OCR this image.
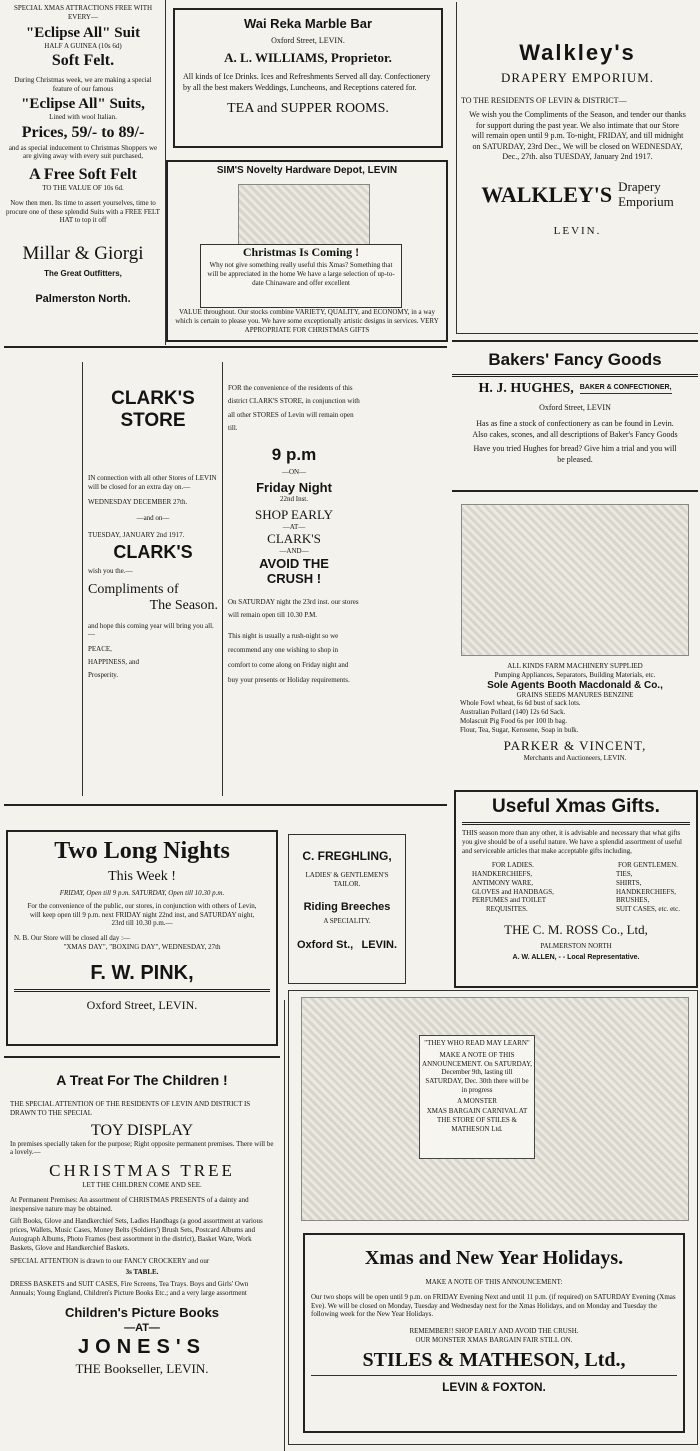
SPECIAL XMAS ATTRACTIONS FREE WITH EVERY—
"Eclipse All" Suit
HALF A GUINEA (10s 6d)
Soft Felt.
During Christmas week, we are making a special feature of our famous
"Eclipse All" Suits,
Lined with wool Italian.
Prices, 59/- to 89/-
and as special inducement to Christmas Shoppers we are giving away with every suit purchased,
A Free Soft Felt
TO THE VALUE OF 10s 6d.
Now then men. Its time to assert yourselves, time to procure one of these splendid Suits with a FREE FELT HAT to top it off
Millar & Giorgi
The Great Outfitters,
Palmerston North.
Wai Reka Marble Bar
Oxford Street, LEVIN.
A. L. WILLIAMS, Proprietor.
All kinds of Ice Drinks. Ices and Refreshments Served all day. Confectionery by all the best makers Weddings, Luncheons, and Receptions catered for.
TEA and SUPPER ROOMS.
SIM'S Novelty Hardware Depot, LEVIN
Christmas Is Coming !
Why not give something really useful this Xmas? Something that will be appreciated in the home We have a large selection of up-to-date Chinaware and offer excellent
VALUE throughout. Our stocks combine VARIETY, QUALITY, and ECONOMY, in a way which is certain to please you. We have some exceptionally artistic designs in services. VERY APPROPRIATE FOR CHRISTMAS GIFTS
Walkley's
DRAPERY EMPORIUM.
TO THE RESIDENTS OF LEVIN & DISTRICT—
We wish you the Compliments of the Season, and tender our thanks for support during the past year. We also intimate that our Store will remain open until 9 p.m. To-night, FRIDAY, and till midnight on SATURDAY, 23rd Dec., We will be closed on WEDNESDAY, Dec., 27th. also TUESDAY, January 2nd 1917.
WALKLEY'S Drapery
Emporium
LEVIN.
CLARK'S
STORE
IN connection with all other Stores of LEVIN will be closed for an extra day on.—
WEDNESDAY DECEMBER 27th.
—and on—
TUESDAY, JANUARY 2nd 1917.
CLARK'S
wish you the.—
Compliments of
The Season.
and hope this coming year will bring you all.—
PEACE,
HAPPINESS, and
Prosperity.
FOR the convenience of the residents of this district CLARK'S STORE, in conjunction with all other STORES of Levin will remain open till.
9 p.m
—ON—
Friday Night
22nd Inst.
SHOP EARLY
—AT—
CLARK'S
—AND—
AVOID THE
CRUSH !
On SATURDAY night the 23rd inst. our stores will remain open till 10.30 P.M.
This night is usually a rush-night so we recommend any one wishing to shop in comfort to come along on Friday night and buy your presents or Holiday requirements.
Bakers' Fancy Goods
H. J. HUGHES, BAKER & CONFECTIONER,
Oxford Street, LEVIN
Has as fine a stock of confectionery as can be found in Levin. Also cakes, scones, and all descriptions of Baker's Fancy Goods
Have you tried Hughes for bread? Give him a trial and you will be pleased.
ALL KINDS FARM MACHINERY SUPPLIED
Pumping Appliances, Separators, Building Materials, etc.
Sole Agents Booth Macdonald & Co.,
GRAINS SEEDS MANURES BENZINE
Whole Fowl wheat, 6s 6d bust of sack lots.
Australian Pollard (140) 12s 6d Sack.
Molascuit Pig Food 6s per 100 lb bag.
Flour, Tea, Sugar, Kerosene, Soap in bulk.
PARKER & VINCENT,
Merchants and Auctioneers, LEVIN.
Useful Xmas Gifts.
THIS season more than any other, it is advisable and necessary that what gifts you give should be of a useful nature. We have a splendid assortment of useful and serviceable articles that make acceptable gifts including,
FOR LADIES.
HANDKERCHIEFS,
ANTIMONY WARE,
GLOVES and HANDBAGS,
PERFUMES and TOILET
REQUISITES.
FOR GENTLEMEN.
TIES,
SHIRTS,
HANDKERCHIEFS,
BRUSHES,
SUIT CASES, etc. etc.
THE C. M. ROSS Co., Ltd,
PALMERSTON NORTH
A. W. ALLEN, - - Local Representative.
Two Long Nights
This Week !
FRIDAY, Open till 9 p.m. SATURDAY, Open till 10.30 p.m.
For the convenience of the public, our stores, in conjunction with others of Levin, will keep open till 9 p.m. next FRIDAY night 22nd inst, and SATURDAY night, 23rd till 10.30 p.m.—
N. B. Our Store will be closed all day :—
"XMAS DAY", "BOXING DAY", WEDNESDAY, 27th
F. W. PINK,
Oxford Street, LEVIN.
C. FREGHLING,
LADIES' & GENTLEMEN'S
TAILOR.
Riding Breeches
A SPECIALITY.
Oxford St., LEVIN.
A Treat For The Children !
THE SPECIAL ATTENTION OF THE RESIDENTS OF LEVIN AND DISTRICT IS DRAWN TO THE SPECIAL
TOY DISPLAY
In premises specially taken for the purpose; Right opposite permanent premises. There will be a lovely.—
CHRISTMAS TREE
LET THE CHILDREN COME AND SEE.
At Permanent Premises: An assortment of CHRISTMAS PRESENTS of a dainty and inexpensive nature may be obtained.
Gift Books, Glove and Handkerchief Sets, Ladies Handbags (a good assortment at various prices, Wallets, Music Cases, Money Belts (Soldiers') Brush Sets, Postcard Albums and Autograph Albums, Photo Frames (best assortment in the district), Basket Ware, Work Baskets, Glove and Handkerchief Baskets.
SPECIAL ATTENTION is drawn to our FANCY CROCKERY and our
3s TABLE.
DRESS BASKETS and SUIT CASES, Fire Screens, Tea Trays. Boys and Girls' Own Annuals; Young England, Children's Picture Books Etc.; and a very large assortment
Children's Picture Books
—AT—
JONES'S
THE Bookseller, LEVIN.
"THEY WHO READ MAY LEARN"
MAKE A NOTE OF THIS ANNOUNCEMENT. On SATURDAY, December 9th, lasting till SATURDAY, Dec. 30th there will be in progress
A MONSTER
XMAS BARGAIN CARNIVAL AT THE STORE OF STILES & MATHESON Ltd.
Xmas and New Year Holidays.
MAKE A NOTE OF THIS ANNOUNCEMENT:
Our two shops will be open until 9 p.m. on FRIDAY Evening Next and until 11 p.m. (if required) on SATURDAY Evening (Xmas Eve). We will be closed on Monday, Tuesday and Wednesday next for the Xmas Holidays, and on Monday and Tuesday the following week for the New Year Holidays.
REMEMBER!! SHOP EARLY AND AVOID THE CRUSH.
OUR MONSTER XMAS BARGAIN FAIR STILL ON.
STILES & MATHESON, Ltd.,
LEVIN & FOXTON.
